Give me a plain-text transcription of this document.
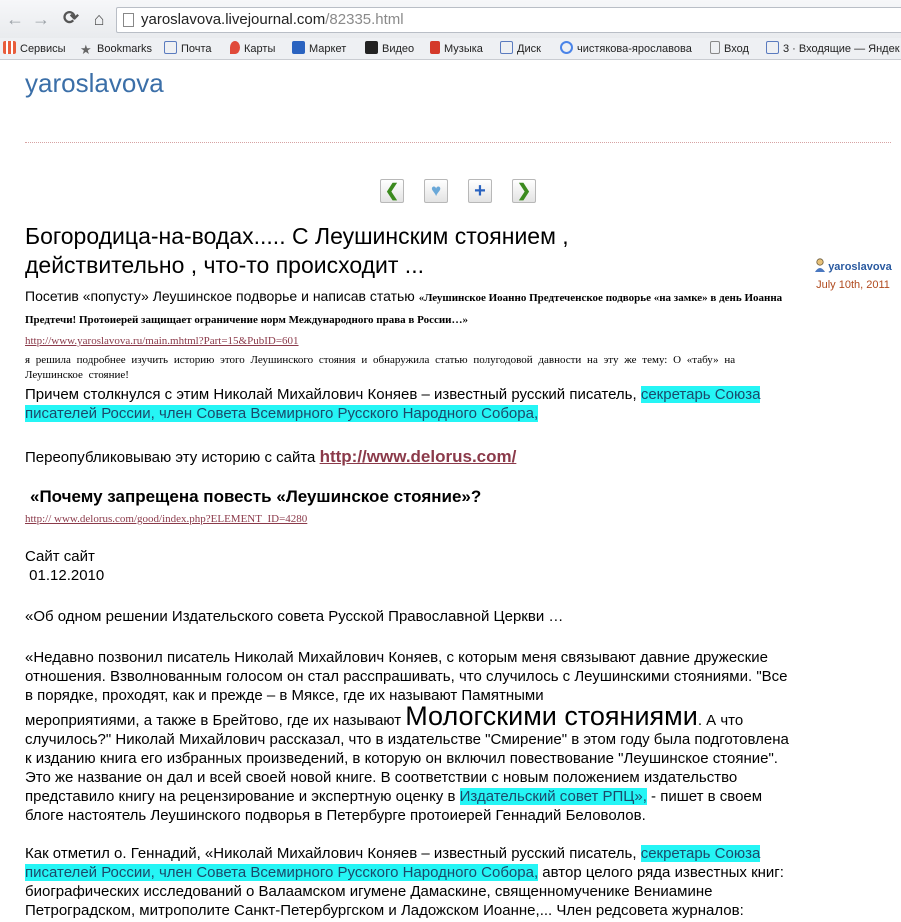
← → ⟳ ⌂	yaroslavova.livejournal.com/82335.html
Сервисы ★ Bookmarks	Почта	Карты	Маркет	Видео	Музыка	Диск	чистякова-ярославова	Вход	3 · Входящие — Яндек
yaroslavova
❮	♥	+	❯
Богородица-на-водах..... С Леушинским стоянием , действительно , что-то происходит ...	yaroslavova
July 10th, 2011

Посетив «попусту» Леушинское подворье и написав статью «Леушинское Иоанно Предтеченское подворье «на замке» в день Иоанна Предтечи! Протоиерей защищает ограничение норм Международного права в России…»

http://www.yaroslavova.ru/main.mhtml?Part=15&PubID=601

я решила подробнее изучить историю этого Леушинского стояния и обнаружила статью полугодовой давности на эту же тему: О «табу» на Леушинское стояние!

Причем столкнулся с этим Николай Михайлович Коняев – известный русский писатель, секретарь Союза писателей России, член Совета Всемирного Русского Народного Собора,

Переопубликовываю эту историю с сайта http://www.delorus.com/

«Почему запрещена повесть «Леушинское стояние»?

http:// www.delorus.com/good/index.php?ELEMENT_ID=4280

Сайт сайт

01.12.2010

«Об одном решении Издательского совета Русской Православной Церкви …

«Недавно позвонил писатель Николай Михайлович Коняев, с которым меня связывают давние дружеские отношения. Взволнованным голосом он стал расспрашивать, что случилось с Леушинскими стояниями. "Все в порядке, проходят, как и прежде – в Мяксе, где их называют Памятными

мероприятиями, а также в Брейтово, где их называют Мологскими стояниями. А что случилось?" Николай Михайлович рассказал, что в издательстве "Смирение" в этом году была подготовлена к изданию книга его избранных произведений, в которую он включил повествование "Леушинское стояние". Это же название он дал и всей своей новой книге. В соответствии с новым положением издательство представило книгу на рецензирование и экспертную оценку в Издательский совет РПЦ», - пишет в своем блоге настоятель Леушинского подворья в Петербурге протоиерей Геннадий Беловолов.

Как отметил о. Геннадий, «Николай Михайлович Коняев – известный русский писатель, секретарь Союза писателей России, член Совета Всемирного Русского Народного Собора, автор целого ряда известных книг: биографических исследований о Валаамском игумене Дамаскине, священномученике Вениамине Петроградском, митрополите Санкт-Петербургском и Ладожском Иоанне,... Член редсовета журналов:
